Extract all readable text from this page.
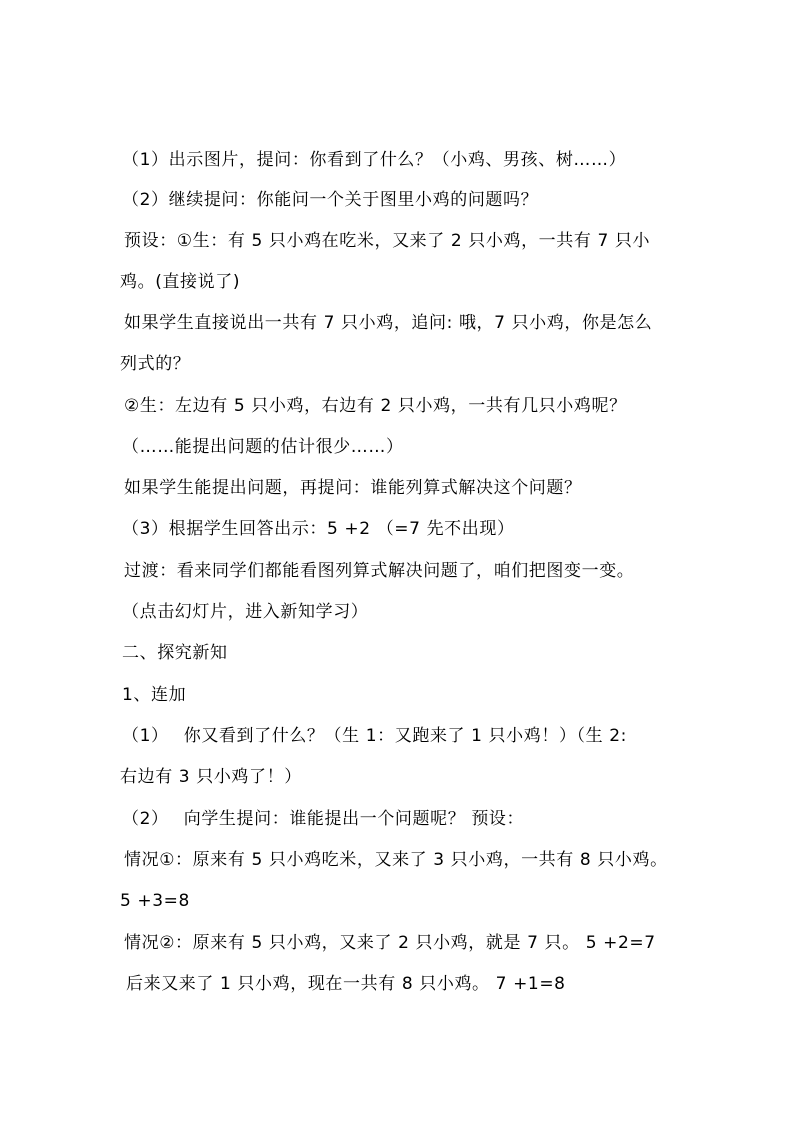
（1）出示图片，提问：你看到了什么？（小鸡、男孩、树……）
（2）继续提问：你能问一个关于图里小鸡的问题吗？
预设：①生：有 5 只小鸡在吃米，又来了 2 只小鸡，一共有 7 只小
鸡。(直接说了)
如果学生直接说出一共有 7 只小鸡，追问: 哦，7 只小鸡，你是怎么
列式的？
②生：左边有 5 只小鸡，右边有 2 只小鸡，一共有几只小鸡呢？
（……能提出问题的估计很少……）
如果学生能提出问题，再提问：谁能列算式解决这个问题？
（3）根据学生回答出示：5 +2 （=7 先不出现）
过渡：看来同学们都能看图列算式解决问题了，咱们把图变一变。
（点击幻灯片，进入新知学习）
二、探究新知
1、连加
（1）　 你又看到了什么？（生 1：又跑来了 1 只小鸡！）（生 2:
右边有 3 只小鸡了！）
（2）　 向学生提问：谁能提出一个问题呢？ 预设：
情况①：原来有 5 只小鸡吃米，又来了 3 只小鸡，一共有 8 只小鸡。
5 +3=8
情况②：原来有 5 只小鸡，又来了 2 只小鸡，就是 7 只。 5 +2=7
后来又来了 1 只小鸡，现在一共有 8 只小鸡。 7 +1=8
